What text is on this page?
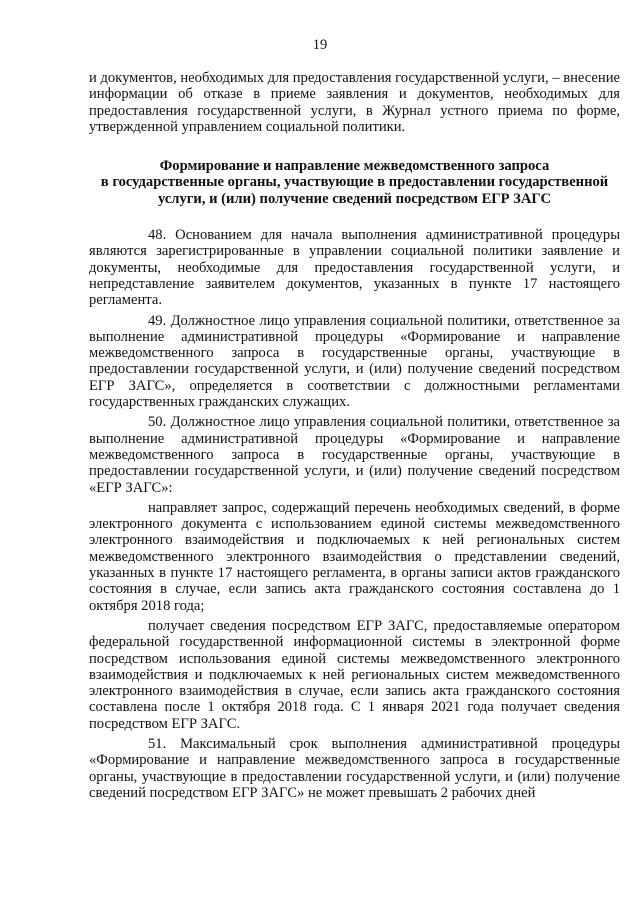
19

и документов, необходимых для предоставления государственной услуги, – внесение информации об отказе в приеме заявления и документов, необходимых для предоставления государственной услуги, в Журнал устного приема по форме, утвержденной управлением социальной политики.

Формирование и направление межведомственного запроса
в государственные органы, участвующие в предоставлении государственной
услуги, и (или) получение сведений посредством ЕГР ЗАГС

48. Основанием для начала выполнения административной процедуры являются зарегистрированные в управлении социальной политики заявление и документы, необходимые для предоставления государственной услуги, и непредставление заявителем документов, указанных в пункте 17 настоящего регламента.

49. Должностное лицо управления социальной политики, ответственное за выполнение административной процедуры «Формирование и направление межведомственного запроса в государственные органы, участвующие в предоставлении государственной услуги, и (или) получение сведений посредством ЕГР ЗАГС», определяется в соответствии с должностными регламентами государственных гражданских служащих.

50. Должностное лицо управления социальной политики, ответственное за выполнение административной процедуры «Формирование и направление межведомственного запроса в государственные органы, участвующие в предоставлении государственной услуги, и (или) получение сведений посредством «ЕГР ЗАГС»:

направляет запрос, содержащий перечень необходимых сведений, в форме электронного документа с использованием единой системы межведомственного электронного взаимодействия и подключаемых к ней региональных систем межведомственного электронного взаимодействия о представлении сведений, указанных в пункте 17 настоящего регламента, в органы записи актов гражданского состояния в случае, если запись акта гражданского состояния составлена до 1 октября 2018 года;

получает сведения посредством ЕГР ЗАГС, предоставляемые оператором федеральной государственной информационной системы в электронной форме посредством использования единой системы межведомственного электронного взаимодействия и подключаемых к ней региональных систем межведомственного электронного взаимодействия в случае, если запись акта гражданского состояния составлена после 1 октября 2018 года. С 1 января 2021 года получает сведения посредством ЕГР ЗАГС.

51. Максимальный срок выполнения административной процедуры «Формирование и направление межведомственного запроса в государственные органы, участвующие в предоставлении государственной услуги, и (или) получение сведений посредством ЕГР ЗАГС» не может превышать 2 рабочих дней
